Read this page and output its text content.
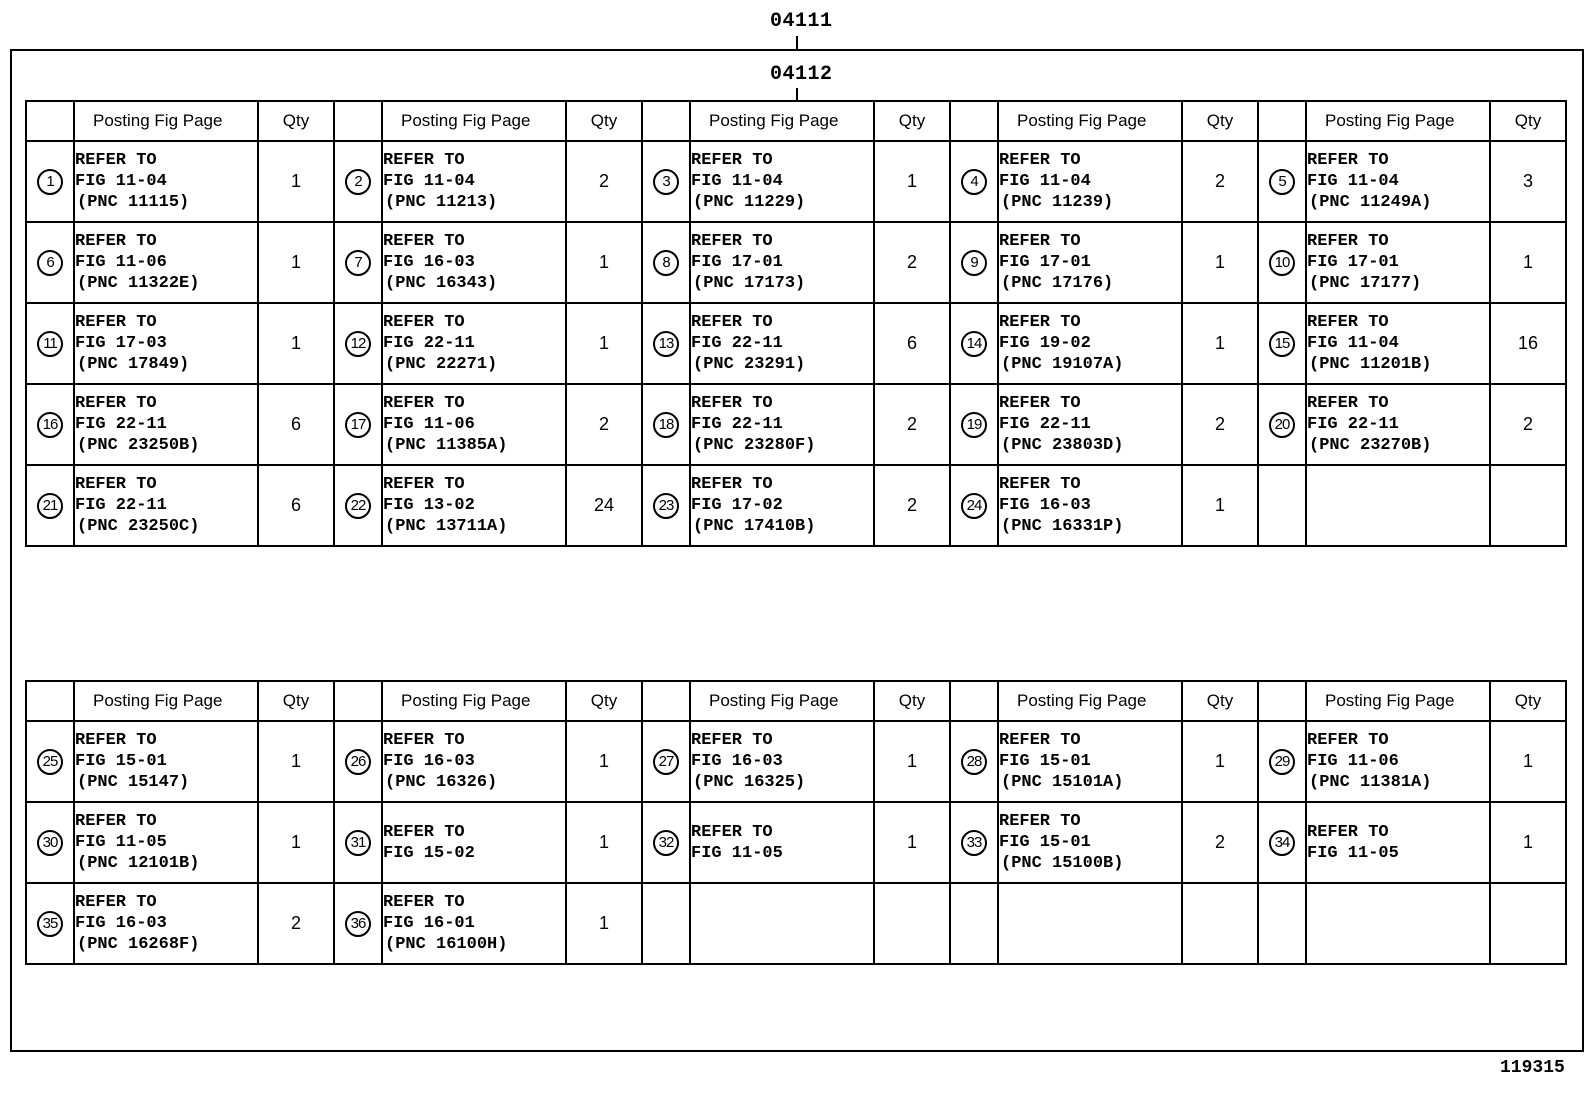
04111
04112
	Posting Fig Page	Qty		Posting Fig Page	Qty		Posting Fig Page	Qty		Posting Fig Page	Qty		Posting Fig Page	Qty
1	REFER TO
FIG 11-04
(PNC 11115)	1	2	REFER TO
FIG 11-04
(PNC 11213)	2	3	REFER TO
FIG 11-04
(PNC 11229)	1	4	REFER TO
FIG 11-04
(PNC 11239)	2	5	REFER TO
FIG 11-04
(PNC 11249A)	3
6	REFER TO
FIG 11-06
(PNC 11322E)	1	7	REFER TO
FIG 16-03
(PNC 16343)	1	8	REFER TO
FIG 17-01
(PNC 17173)	2	9	REFER TO
FIG 17-01
(PNC 17176)	1	10	REFER TO
FIG 17-01
(PNC 17177)	1
11	REFER TO
FIG 17-03
(PNC 17849)	1	12	REFER TO
FIG 22-11
(PNC 22271)	1	13	REFER TO
FIG 22-11
(PNC 23291)	6	14	REFER TO
FIG 19-02
(PNC 19107A)	1	15	REFER TO
FIG 11-04
(PNC 11201B)	16
16	REFER TO
FIG 22-11
(PNC 23250B)	6	17	REFER TO
FIG 11-06
(PNC 11385A)	2	18	REFER TO
FIG 22-11
(PNC 23280F)	2	19	REFER TO
FIG 22-11
(PNC 23803D)	2	20	REFER TO
FIG 22-11
(PNC 23270B)	2
21	REFER TO
FIG 22-11
(PNC 23250C)	6	22	REFER TO
FIG 13-02
(PNC 13711A)	24	23	REFER TO
FIG 17-02
(PNC 17410B)	2	24	REFER TO
FIG 16-03
(PNC 16331P)	1			
	Posting Fig Page	Qty		Posting Fig Page	Qty		Posting Fig Page	Qty		Posting Fig Page	Qty		Posting Fig Page	Qty
25	REFER TO
FIG 15-01
(PNC 15147)	1	26	REFER TO
FIG 16-03
(PNC 16326)	1	27	REFER TO
FIG 16-03
(PNC 16325)	1	28	REFER TO
FIG 15-01
(PNC 15101A)	1	29	REFER TO
FIG 11-06
(PNC 11381A)	1
30	REFER TO
FIG 11-05
(PNC 12101B)	1	31	REFER TO
FIG 15-02	1	32	REFER TO
FIG 11-05	1	33	REFER TO
FIG 15-01
(PNC 15100B)	2	34	REFER TO
FIG 11-05	1
35	REFER TO
FIG 16-03
(PNC 16268F)	2	36	REFER TO
FIG 16-01
(PNC 16100H)	1									
119315
